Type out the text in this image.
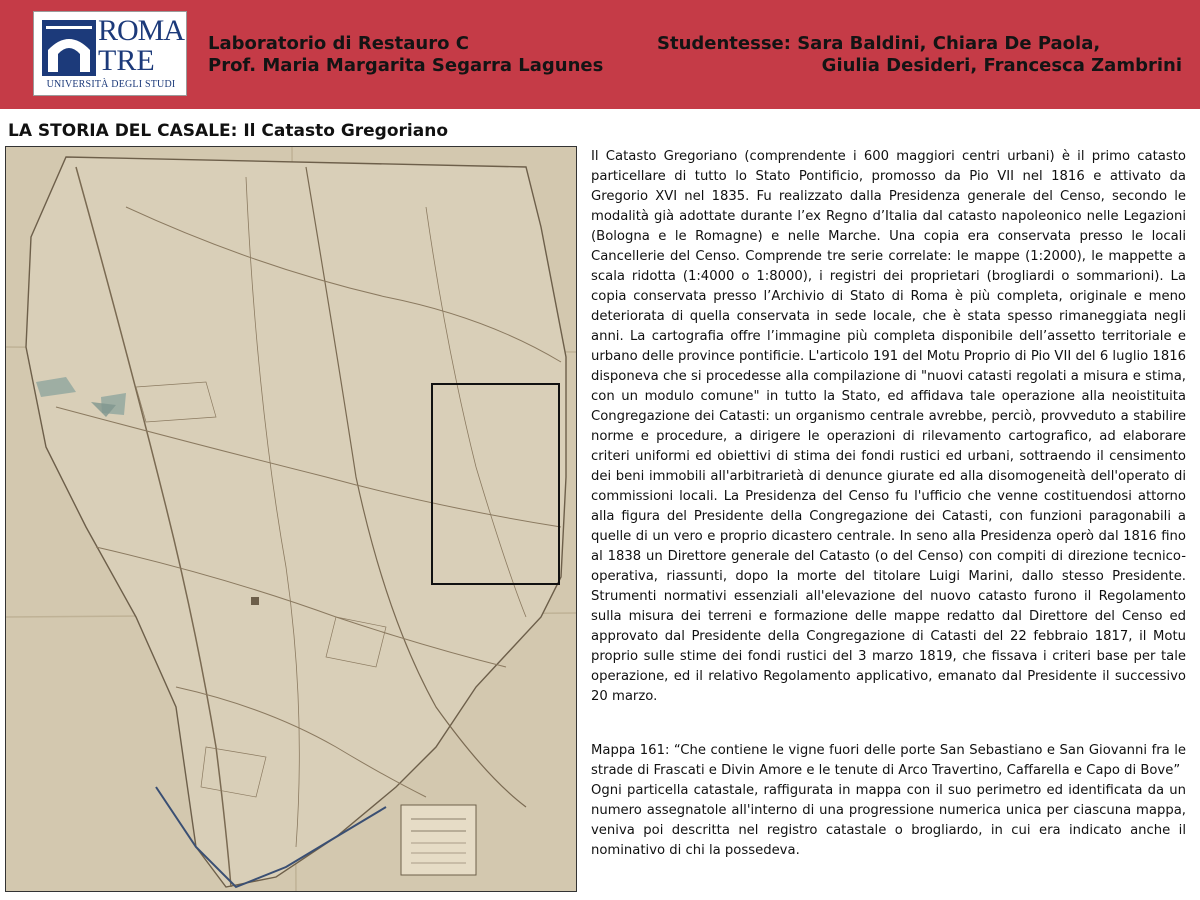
ROMA
TRE
UNIVERSITÀ DEGLI STUDI
Laboratorio di Restauro C
Prof. Maria Margarita Segarra Lagunes
Studentesse: Sara Baldini, Chiara De Paola,
Giulia Desideri, Francesca Zambrini
LA STORIA DEL CASALE: Il Catasto Gregoriano

Il Catasto Gregoriano (comprendente i 600 maggiori centri urbani) è il primo catasto particellare di tutto lo Stato Pontificio, promosso da Pio VII nel 1816 e attivato da Gregorio XVI nel 1835. Fu realizzato dalla Presidenza generale del Censo, secondo le modalità già adottate durante l’ex Regno d’Italia dal catasto napoleonico nelle Legazioni (Bologna e le Romagne) e nelle Marche. Una copia era conservata presso le locali Cancellerie del Censo. Comprende tre serie correlate: le mappe (1:2000), le mappette a scala ridotta (1:4000 o 1:8000), i registri dei proprietari (brogliardi o sommarioni). La copia conservata presso l’Archivio di Stato di Roma è più completa, originale e meno deteriorata di quella conservata in sede locale, che è stata spesso rimaneggiata negli anni. La cartografia offre l’immagine più completa disponibile dell’assetto territoriale e urbano delle province pontificie. L'articolo 191 del Motu Proprio di Pio VII del 6 luglio 1816 disponeva che si procedesse alla compilazione di "nuovi catasti regolati a misura e stima, con un modulo comune" in tutto la Stato, ed affidava tale operazione alla neoistituita Congregazione dei Catasti: un organismo centrale avrebbe, perciò, provveduto a stabilire norme e procedure, a dirigere le operazioni di rilevamento cartografico, ad elaborare criteri uniformi ed obiettivi di stima dei fondi rustici ed urbani, sottraendo il censimento dei beni immobili all'arbitrarietà di denunce giurate ed alla disomogeneità dell'operato di commissioni locali. La Presidenza del Censo fu l'ufficio che venne costituendosi attorno alla figura del Presidente della Congregazione dei Catasti, con funzioni paragonabili a quelle di un vero e proprio dicastero centrale. In seno alla Presidenza operò dal 1816 fino al 1838 un Direttore generale del Catasto (o del Censo) con compiti di direzione tecnico-operativa, riassunti, dopo la morte del titolare Luigi Marini, dallo stesso Presidente. Strumenti normativi essenziali all'elevazione del nuovo catasto furono il Regolamento sulla misura dei terreni e formazione delle mappe redatto dal Direttore del Censo ed approvato dal Presidente della Congregazione di Catasti del 22 febbraio 1817, il Motu proprio sulle stime dei fondi rustici del 3 marzo 1819, che fissava i criteri base per tale operazione, ed il relativo Regolamento applicativo, emanato dal Presidente il successivo 20 marzo.

Mappa 161: “Che contiene le vigne fuori delle porte San Sebastiano e San Giovanni fra le strade di Frascati e Divin Amore e le tenute di Arco Travertino, Caffarella e Capo di Bove”

Ogni particella catastale, raffigurata in mappa con il suo perimetro ed identificata da un numero assegnatole all'interno di una progressione numerica unica per ciascuna mappa, veniva poi descritta nel registro catastale o brogliardo, in cui era indicato anche il nominativo di chi la possedeva.
